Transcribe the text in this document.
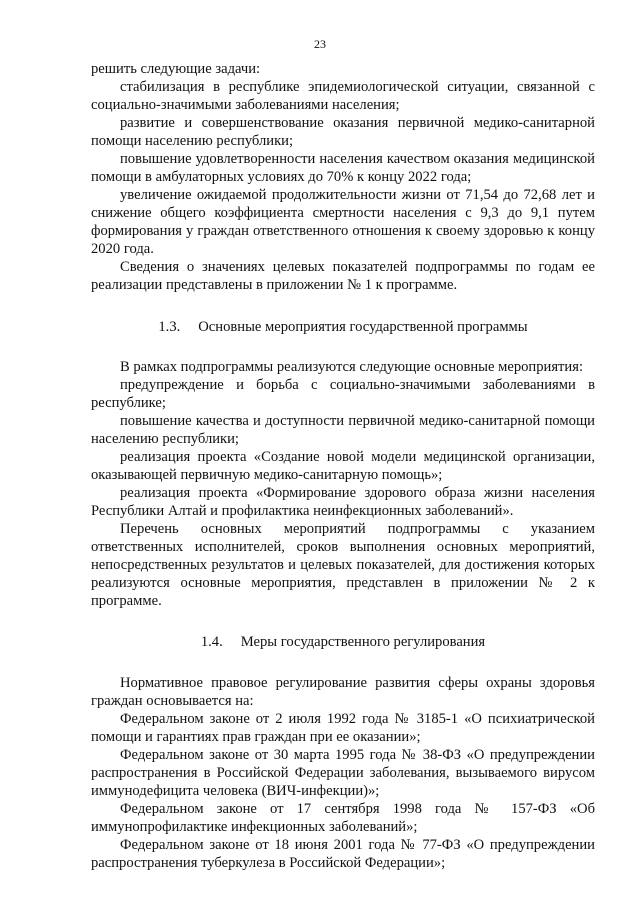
23

решить следующие задачи:

стабилизация в республике эпидемиологической ситуации, связанной с социально-значимыми заболеваниями населения;

развитие и совершенствование оказания первичной медико-санитарной помощи населению республики;

повышение удовлетворенности населения качеством оказания медицинской помощи в амбулаторных условиях до 70% к концу 2022 года;

увеличение ожидаемой продолжительности жизни от 71,54 до 72,68 лет и снижение общего коэффициента смертности населения с 9,3 до 9,1 путем формирования у граждан ответственного отношения к своему здоровью к концу 2020 года.

Сведения о значениях целевых показателей подпрограммы по годам ее реализации представлены в приложении № 1 к программе.

1.3. Основные мероприятия государственной программы

В рамках подпрограммы реализуются следующие основные мероприятия:

предупреждение и борьба с социально-значимыми заболеваниями в республике;

повышение качества и доступности первичной медико-санитарной помощи населению республики;

реализация проекта «Создание новой модели медицинской организации, оказывающей первичную медико-санитарную помощь»;

реализация проекта «Формирование здорового образа жизни населения Республики Алтай и профилактика неинфекционных заболеваний».

Перечень основных мероприятий подпрограммы с указанием ответственных исполнителей, сроков выполнения основных мероприятий, непосредственных результатов и целевых показателей, для достижения которых реализуются основные мероприятия, представлен в приложении № 2 к программе.

1.4. Меры государственного регулирования

Нормативное правовое регулирование развития сферы охраны здоровья граждан основывается на:

Федеральном законе от 2 июля 1992 года № 3185-1 «О психиатрической помощи и гарантиях прав граждан при ее оказании»;

Федеральном законе от 30 марта 1995 года № 38-ФЗ «О предупреждении распространения в Российской Федерации заболевания, вызываемого вирусом иммунодефицита человека (ВИЧ-инфекции)»;

Федеральном законе от 17 сентября 1998 года № 157-ФЗ «Об иммунопрофилактике инфекционных заболеваний»;

Федеральном законе от 18 июня 2001 года № 77-ФЗ «О предупреждении распространения туберкулеза в Российской Федерации»;
